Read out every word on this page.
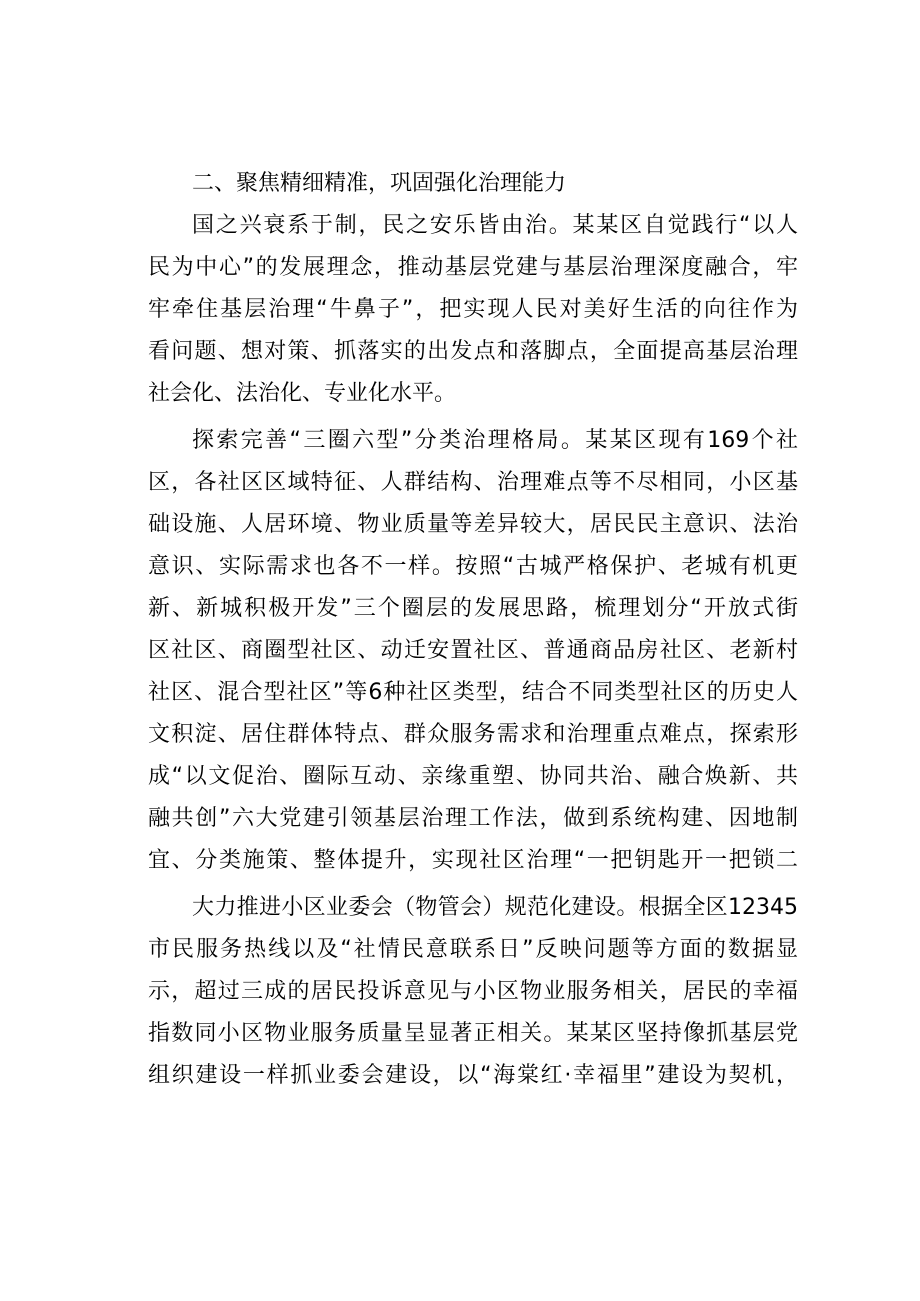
二、聚焦精细精准，巩固强化治理能力
国之兴衰系于制，民之安乐皆由治。某某区自觉践行“以人
民为中心”的发展理念，推动基层党建与基层治理深度融合，牢
牢牵住基层治理“牛鼻子”，把实现人民对美好生活的向往作为
看问题、想对策、抓落实的出发点和落脚点，全面提高基层治理
社会化、法治化、专业化水平。
探索完善“三圈六型”分类治理格局。某某区现有169个社
区，各社区区域特征、人群结构、治理难点等不尽相同，小区基
础设施、人居环境、物业质量等差异较大，居民民主意识、法治
意识、实际需求也各不一样。按照“古城严格保护、老城有机更
新、新城积极开发”三个圈层的发展思路，梳理划分“开放式街
区社区、商圈型社区、动迁安置社区、普通商品房社区、老新村
社区、混合型社区”等6种社区类型，结合不同类型社区的历史人
文积淀、居住群体特点、群众服务需求和治理重点难点，探索形
成“以文促治、圈际互动、亲缘重塑、协同共治、融合焕新、共
融共创”六大党建引领基层治理工作法，做到系统构建、因地制
宜、分类施策、整体提升，实现社区治理“一把钥匙开一把锁二
大力推进小区业委会（物管会）规范化建设。根据全区12345
市民服务热线以及“社情民意联系日”反映问题等方面的数据显
示，超过三成的居民投诉意见与小区物业服务相关，居民的幸福
指数同小区物业服务质量呈显著正相关。某某区坚持像抓基层党
组织建设一样抓业委会建设，以“海棠红·幸福里”建设为契机，
